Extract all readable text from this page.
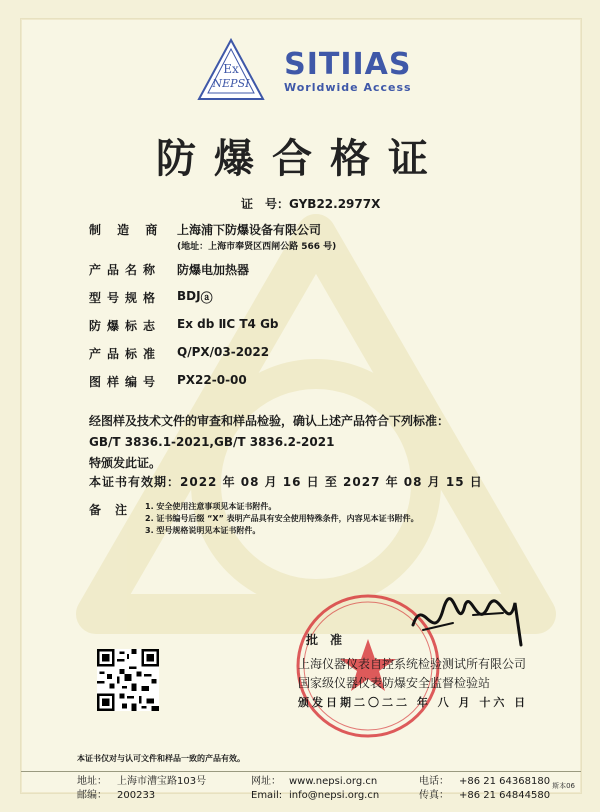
Ex
NEPSI
SITIIAS
Worldwide Access
防爆合格证
证　号：GYB22.2977X
制 造 商	上海浦下防爆设备有限公司
(地址：上海市奉贤区西闸公路 566 号)
产品名称	防爆电加热器
型号规格	BDJ ⓐ
防爆标志	Ex db ⅡC T4 Gb
产品标准	Q/PX/03-2022
图样编号	PX22-0-00
经图样及技术文件的审查和样品检验，确认上述产品符合下列标准：
GB/T 3836.1-2021,GB/T 3836.2-2021
特颁发此证。
本证书有效期：2022 年 08 月 16 日 至 2027 年 08 月 15 日
备注 1. 安全使用注意事项见本证书附件。
2. 证书编号后缀 “X” 表明产品具有安全使用特殊条件，内容见本证书附件。
3. 型号规格说明见本证书附件。
批准
上海仪器仪表自控系统检验测试所有限公司
国家级仪器仪表防爆安全监督检验站
颁发日期二〇二二 年 八 月 十六 日
本证书仅对与认可文件和样品一致的产品有效。
地址： 上海市漕宝路103号
邮编： 200233
网址： www.nepsi.org.cn
Email: info@nepsi.org.cn
电话： +86 21 64368180
传真： +86 21 64844580
斯本06
